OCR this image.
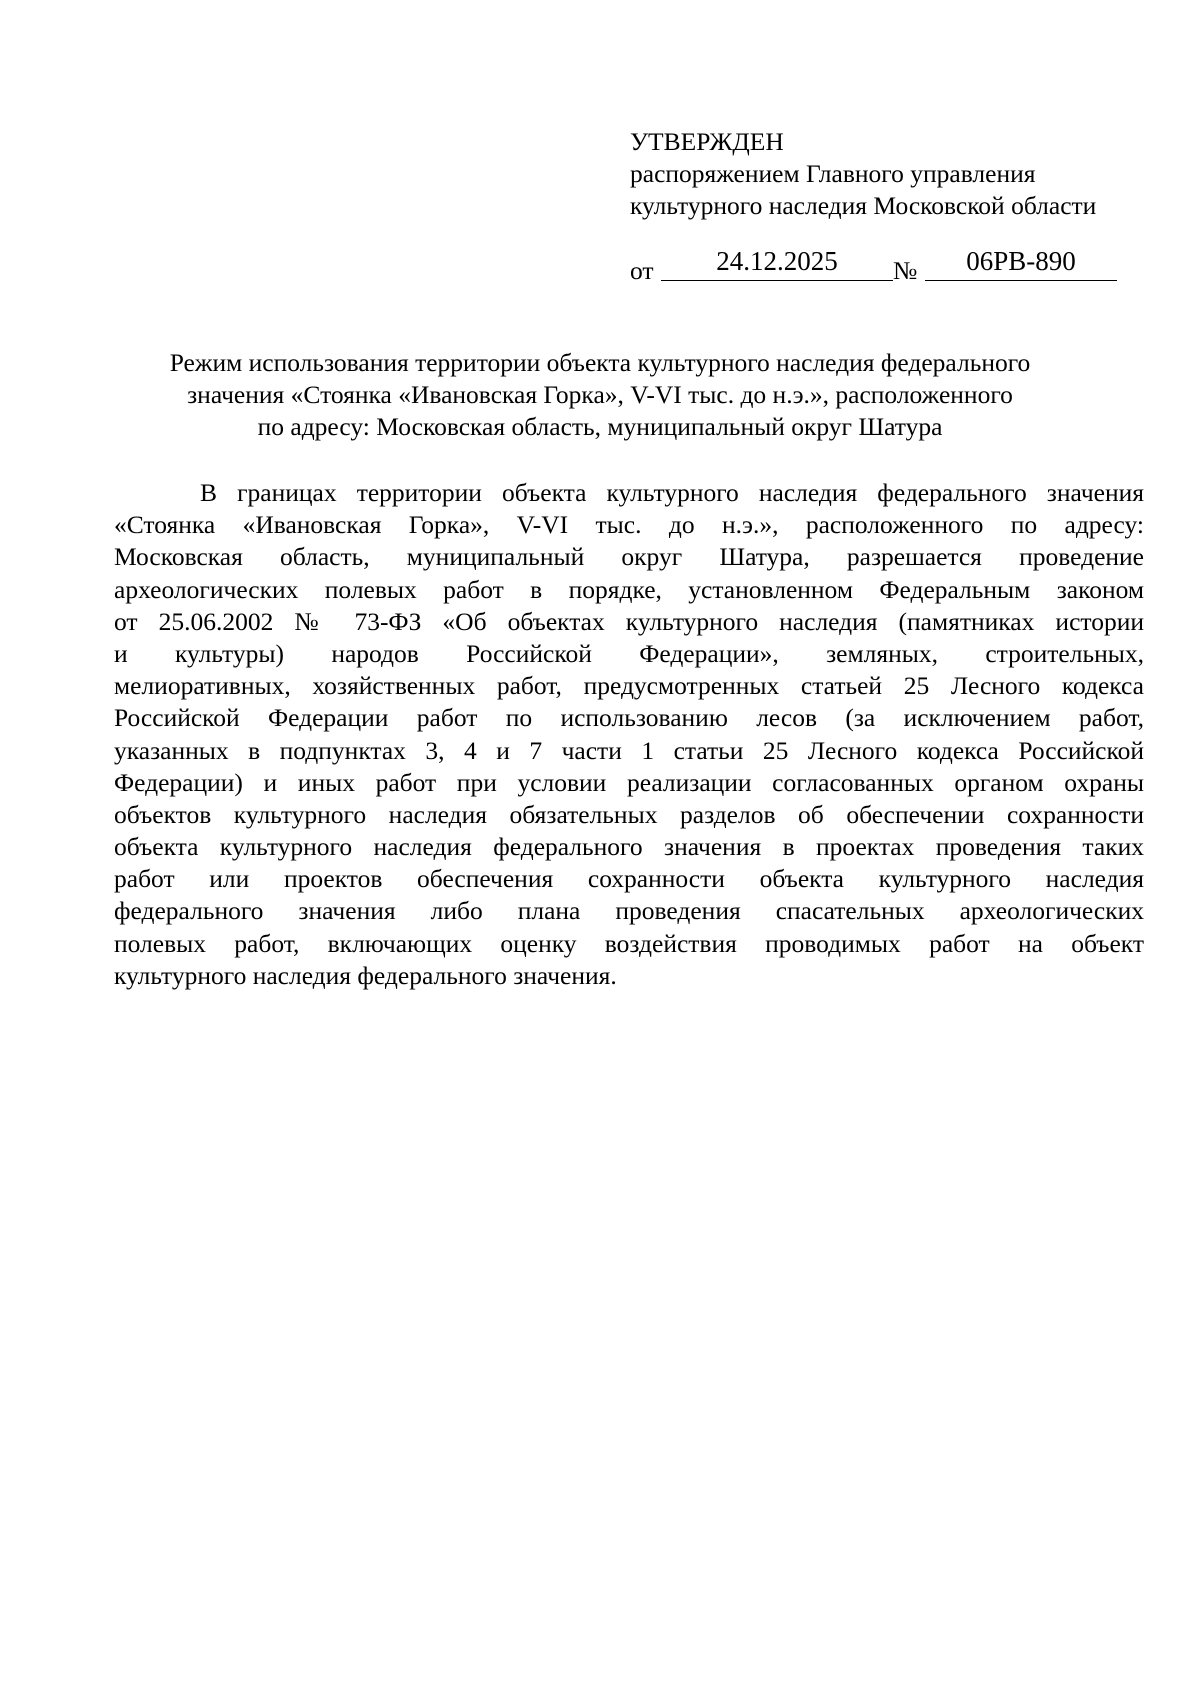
УТВЕРЖДЕН
распоряжением Главного управления
культурного наследия Московской области
от	24.12.2025	№	06РВ-890
Режим использования территории объекта культурного наследия федерального
значения «Стоянка «Ивановская Горка», V-VI тыс. до н.э.», расположенного
по адресу: Московская область, муниципальный округ Шатура
В границах территории объекта культурного наследия федерального значения
«Стоянка «Ивановская Горка», V-VI тыс. до н.э.», расположенного по адресу:
Московская область, муниципальный округ Шатура, разрешается проведение
археологических полевых работ в порядке, установленном Федеральным законом
от 25.06.2002 № 73-ФЗ «Об объектах культурного наследия (памятниках истории
и культуры) народов Российской Федерации», земляных, строительных,
мелиоративных, хозяйственных работ, предусмотренных статьей 25 Лесного кодекса
Российской Федерации работ по использованию лесов (за исключением работ,
указанных в подпунктах 3, 4 и 7 части 1 статьи 25 Лесного кодекса Российской
Федерации) и иных работ при условии реализации согласованных органом охраны
объектов культурного наследия обязательных разделов об обеспечении сохранности
объекта культурного наследия федерального значения в проектах проведения таких
работ или проектов обеспечения сохранности объекта культурного наследия
федерального значения либо плана проведения спасательных археологических
полевых работ, включающих оценку воздействия проводимых работ на объект
культурного наследия федерального значения.
